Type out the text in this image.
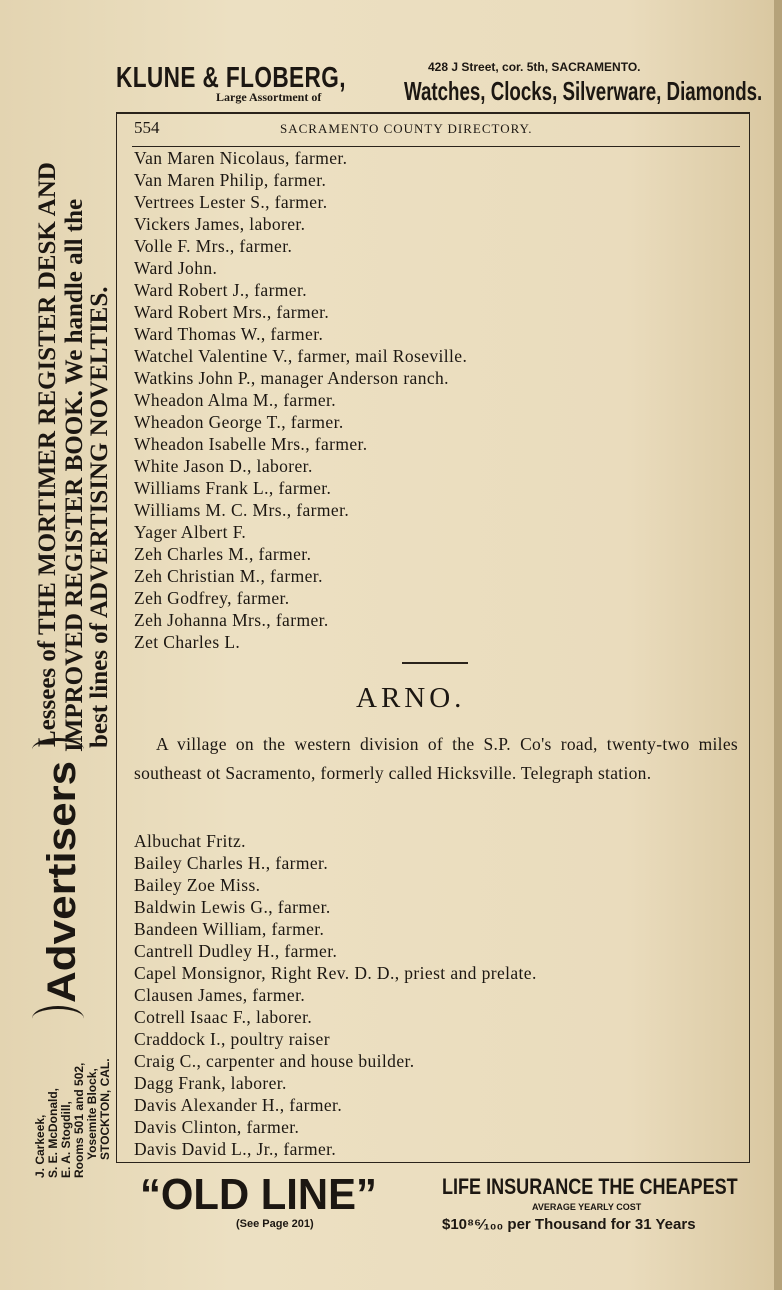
KLUNE & FLOBERG,
Large Assortment of
428 J Street, cor. 5th, SACRAMENTO.
Watches, Clocks, Silverware, Diamonds.
554	SACRAMENTO COUNTY DIRECTORY.
Van Maren Nicolaus, farmer.
Van Maren Philip, farmer.
Vertrees Lester S., farmer.
Vickers James, laborer.
Volle F. Mrs., farmer.
Ward John.
Ward Robert J., farmer.
Ward Robert Mrs., farmer.
Ward Thomas W., farmer.
Watchel Valentine V., farmer, mail Roseville.
Watkins John P., manager Anderson ranch.
Wheadon Alma M., farmer.
Wheadon George T., farmer.
Wheadon Isabelle Mrs., farmer.
White Jason D., laborer.
Williams Frank L., farmer.
Williams M. C. Mrs., farmer.
Yager Albert F.
Zeh Charles M., farmer.
Zeh Christian M., farmer.
Zeh Godfrey, farmer.
Zeh Johanna Mrs., farmer.
Zet Charles L.
ARNO.
A village on the western division of the S.P. Co's road, twenty-two miles southeast ot Sacramento, formerly called Hicksville. Telegraph station.
Albuchat Fritz.
Bailey Charles H., farmer.
Bailey Zoe Miss.
Baldwin Lewis G., farmer.
Bandeen William, farmer.
Cantrell Dudley H., farmer.
Capel Monsignor, Right Rev. D. D., priest and prelate.
Clausen James, farmer.
Cotrell Isaac F., laborer.
Craddock I., poultry raiser
Craig C., carpenter and house builder.
Dagg Frank, laborer.
Davis Alexander H., farmer.
Davis Clinton, farmer.
Davis David L., Jr., farmer.
Lessees of THE MORTIMER REGISTER DESK AND IMPROVED REGISTER BOOK. We handle all the
best lines of ADVERTISING NOVELTIES.
Advertisers
J. Carkeek, S. E. McDonald, E. A. Stogdill, Rooms 501 and 502, Yosemite Block, STOCKTON, CAL.
“OLD LINE”
(See Page 201)
LIFE INSURANCE THE CHEAPEST
AVERAGE YEARLY COST
$10⁸⁶⁄₁₀₀ per Thousand for 31 Years
